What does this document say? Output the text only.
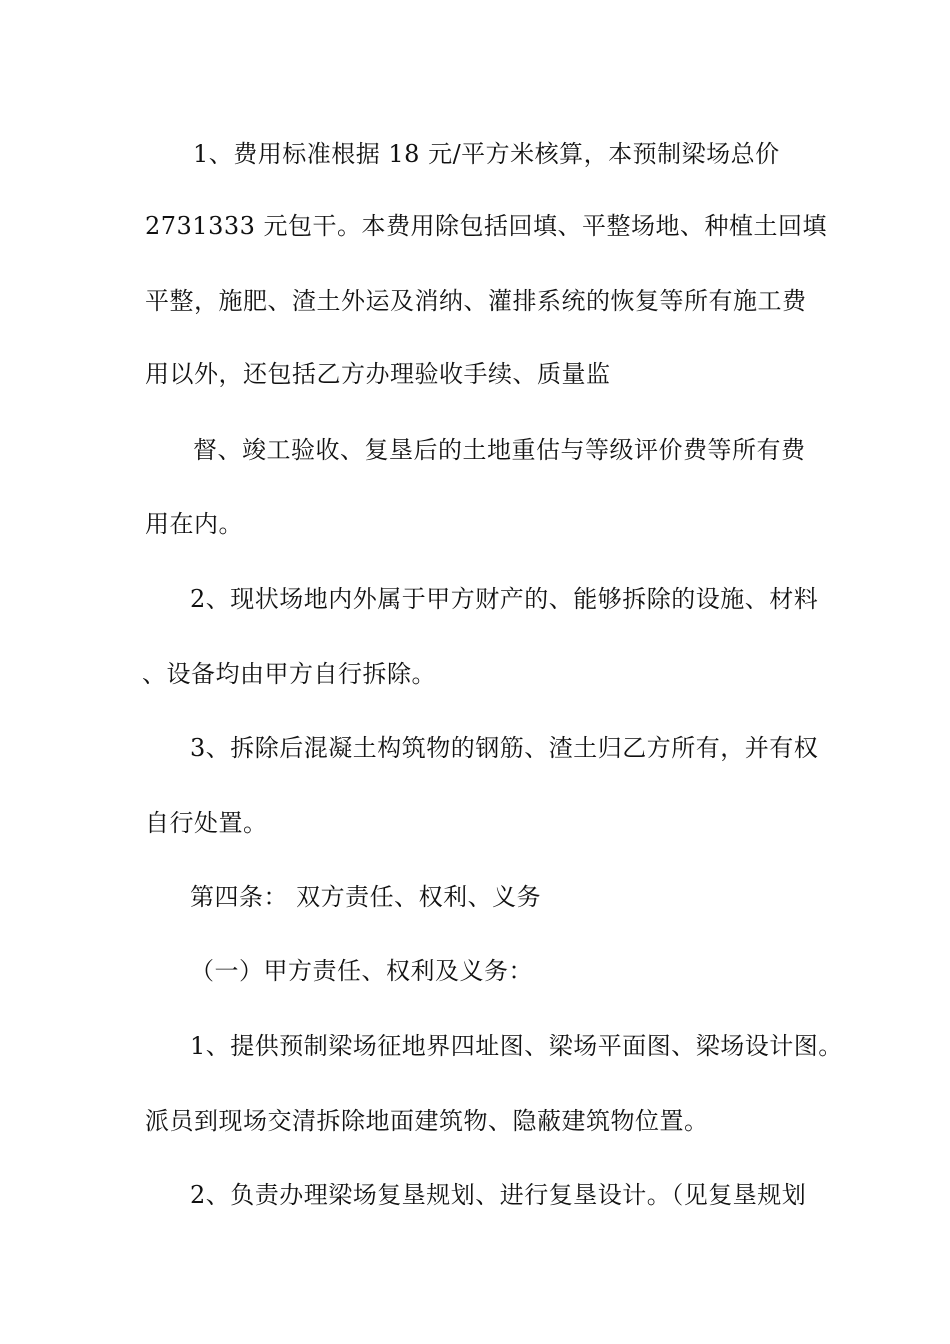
1、费用标准根据 18 元/平方米核算，本预制梁场总价
2731333 元包干。本费用除包括回填、平整场地、种植土回填
平整，施肥、渣土外运及消纳、灌排系统的恢复等所有施工费
用以外，还包括乙方办理验收手续、质量监
督、竣工验收、复垦后的土地重估与等级评价费等所有费
用在内。
2、现状场地内外属于甲方财产的、能够拆除的设施、材料
、设备均由甲方自行拆除。
3、拆除后混凝土构筑物的钢筋、渣土归乙方所有，并有权
自行处置。
第四条： 双方责任、权利、义务
（一）甲方责任、权利及义务：
1、提供预制梁场征地界四址图、梁场平面图、梁场设计图。
派员到现场交清拆除地面建筑物、隐蔽建筑物位置。
2、负责办理梁场复垦规划、进行复垦设计。（见复垦规划
